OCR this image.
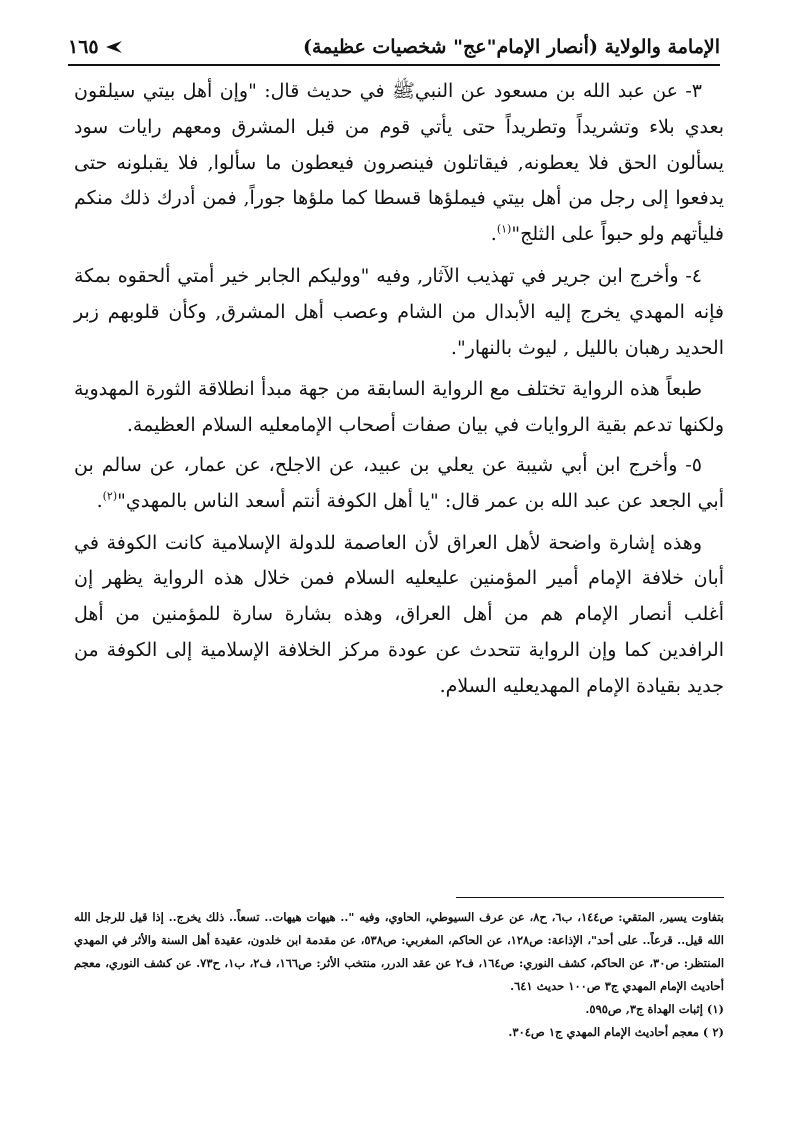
الإمامة والولاية (أنصار الإمام"عج" شخصيات عظيمة)
١٦٥

٣- عن عبد الله بن مسعود عن النبيﷺ في حديث قال: "وإن أهل بيتي سيلقون بعدي بلاء وتشريداً وتطريداً حتى يأتي قوم من قبل المشرق ومعهم رايات سود يسألون الحق فلا يعطونه, فيقاتلون فينصرون فيعطون ما سألوا, فلا يقبلونه حتى يدفعوا إلى رجل من أهل بيتي فيملؤها قسطا كما ملؤها جوراً, فمن أدرك ذلك منكم فليأتهم ولو حبواً على الثلج"$^{(١)}$.

٤- وأخرج ابن جرير في تهذيب الآثار, وفيه "ووليكم الجابر خير أمتي ألحقوه بمكة فإنه المهدي يخرج إليه الأبدال من الشام وعصب أهل المشرق, وكأن قلوبهم زبر الحديد رهبان بالليل , ليوث بالنهار".

طبعاً هذه الرواية تختلف مع الرواية السابقة من جهة مبدأ انطلاقة الثورة المهدوية ولكنها تدعم بقية الروايات في بيان صفات أصحاب الإمامعليه السلام العظيمة.

٥- وأخرج ابن أبي شيبة عن يعلي بن عبيد، عن الاجلح، عن عمار، عن سالم بن أبي الجعد عن عبد الله بن عمر قال: "يا أهل الكوفة أنتم أسعد الناس بالمهدي"$^{(٢)}$.

وهذه إشارة واضحة لأهل العراق لأن العاصمة للدولة الإسلامية كانت الكوفة في أبان خلافة الإمام أمير المؤمنين عليعليه السلام فمن خلال هذه الرواية يظهر إن أغلب أنصار الإمام هم من أهل العراق، وهذه بشارة سارة للمؤمنين من أهل الرافدين كما وإن الرواية تتحدث عن عودة مركز الخلافة الإسلامية إلى الكوفة من جديد بقيادة الإمام المهديعليه السلام.

بتفاوت يسير, المتقي: ص١٤٤، ب٦، ح٨، عن عرف السيوطي، الحاوي، وفيه ".. هيهات هيهات.. تسعاً.. ذلك يخرج.. إذا قيل للرجل الله الله قيل.. قرعاً.. على أحد"، الإذاعة: ص١٢٨، عن الحاكم، المغربي: ص٥٣٨، عن مقدمة ابن خلدون، عقيدة أهل السنة والأثر في المهدي المنتظر: ص٣٠، عن الحاكم، كشف النوري: ص١٦٤، ف٢ عن عقد الدرر، منتخب الأثر: ص١٦٦، ف٢، ب١، ح٧٣. عن كشف النوري، معجم أحاديث الإمام المهدي ج٣ ص١٠٠ حديث ٦٤١.

(١) إثبات الهداة ج٣, ص٥٩٥.

(٢ ) معجم أحاديث الإمام المهدي ج١ ص٣٠٤.
